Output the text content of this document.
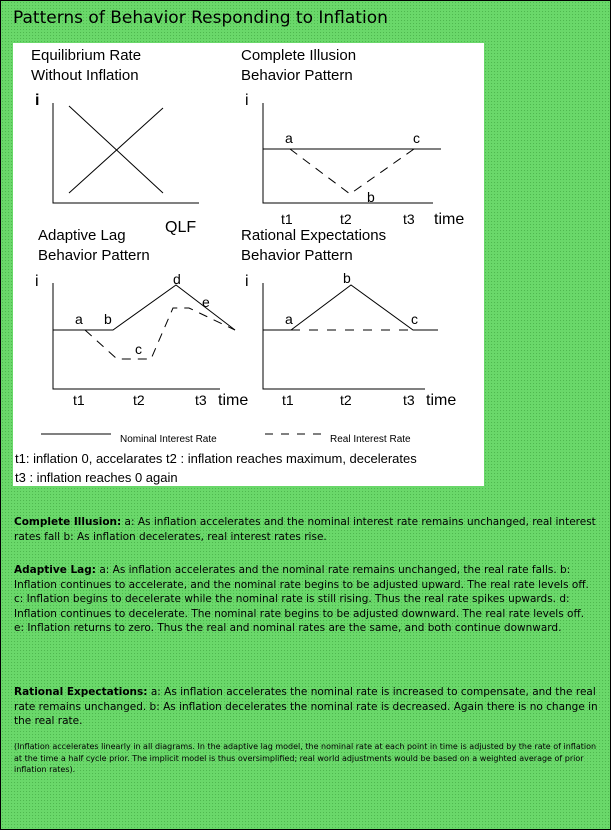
Patterns of Behavior Responding to Inflation
Equilibrium Rate
Without Inflation
i
QLF
Complete Illusion
Behavior Pattern
i
a
b
c
t1	t2	t3 time
Adaptive Lag
Behavior Pattern
i
a b
c
d
e
t1	t2	t3 time
Rational Expectations
Behavior Pattern
i
a
b
c
t1	t2	t3 time
Nominal Interest Rate	Real Interest Rate
t1: inflation 0, accelarates t2 : inflation reaches maximum, decelerates
t3 : inflation reaches 0 again
Complete Illusion: a: As inflation accelerates and the nominal interest rate remains unchanged, real interest rates fall b: As inflation decelerates, real interest rates rise.
Adaptive Lag: a: As inflation accelerates and the nominal rate remains unchanged, the real rate falls. b: Inflation continues to accelerate, and the nominal rate begins to be adjusted upward. The real rate levels off. c: Inflation begins to decelerate while the nominal rate is still rising. Thus the real rate spikes upwards. d: Inflation continues to decelerate. The nominal rate begins to be adjusted downward. The real rate levels off.
e: Inflation returns to zero. Thus the real and nominal rates are the same, and both continue downward.
Rational Expectations: a: As inflation accelerates the nominal rate is increased to compensate, and the real rate remains unchanged. b: As inflation decelerates the nominal rate is decreased. Again there is no change in the real rate.
(Inflation accelerates linearly in all diagrams. In the adaptive lag model, the nominal rate at each point in time is adjusted by the rate of inflation at the time a half cycle prior. The implicit model is thus oversimplified; real world adjustments would be based on a weighted average of prior inflation rates).
